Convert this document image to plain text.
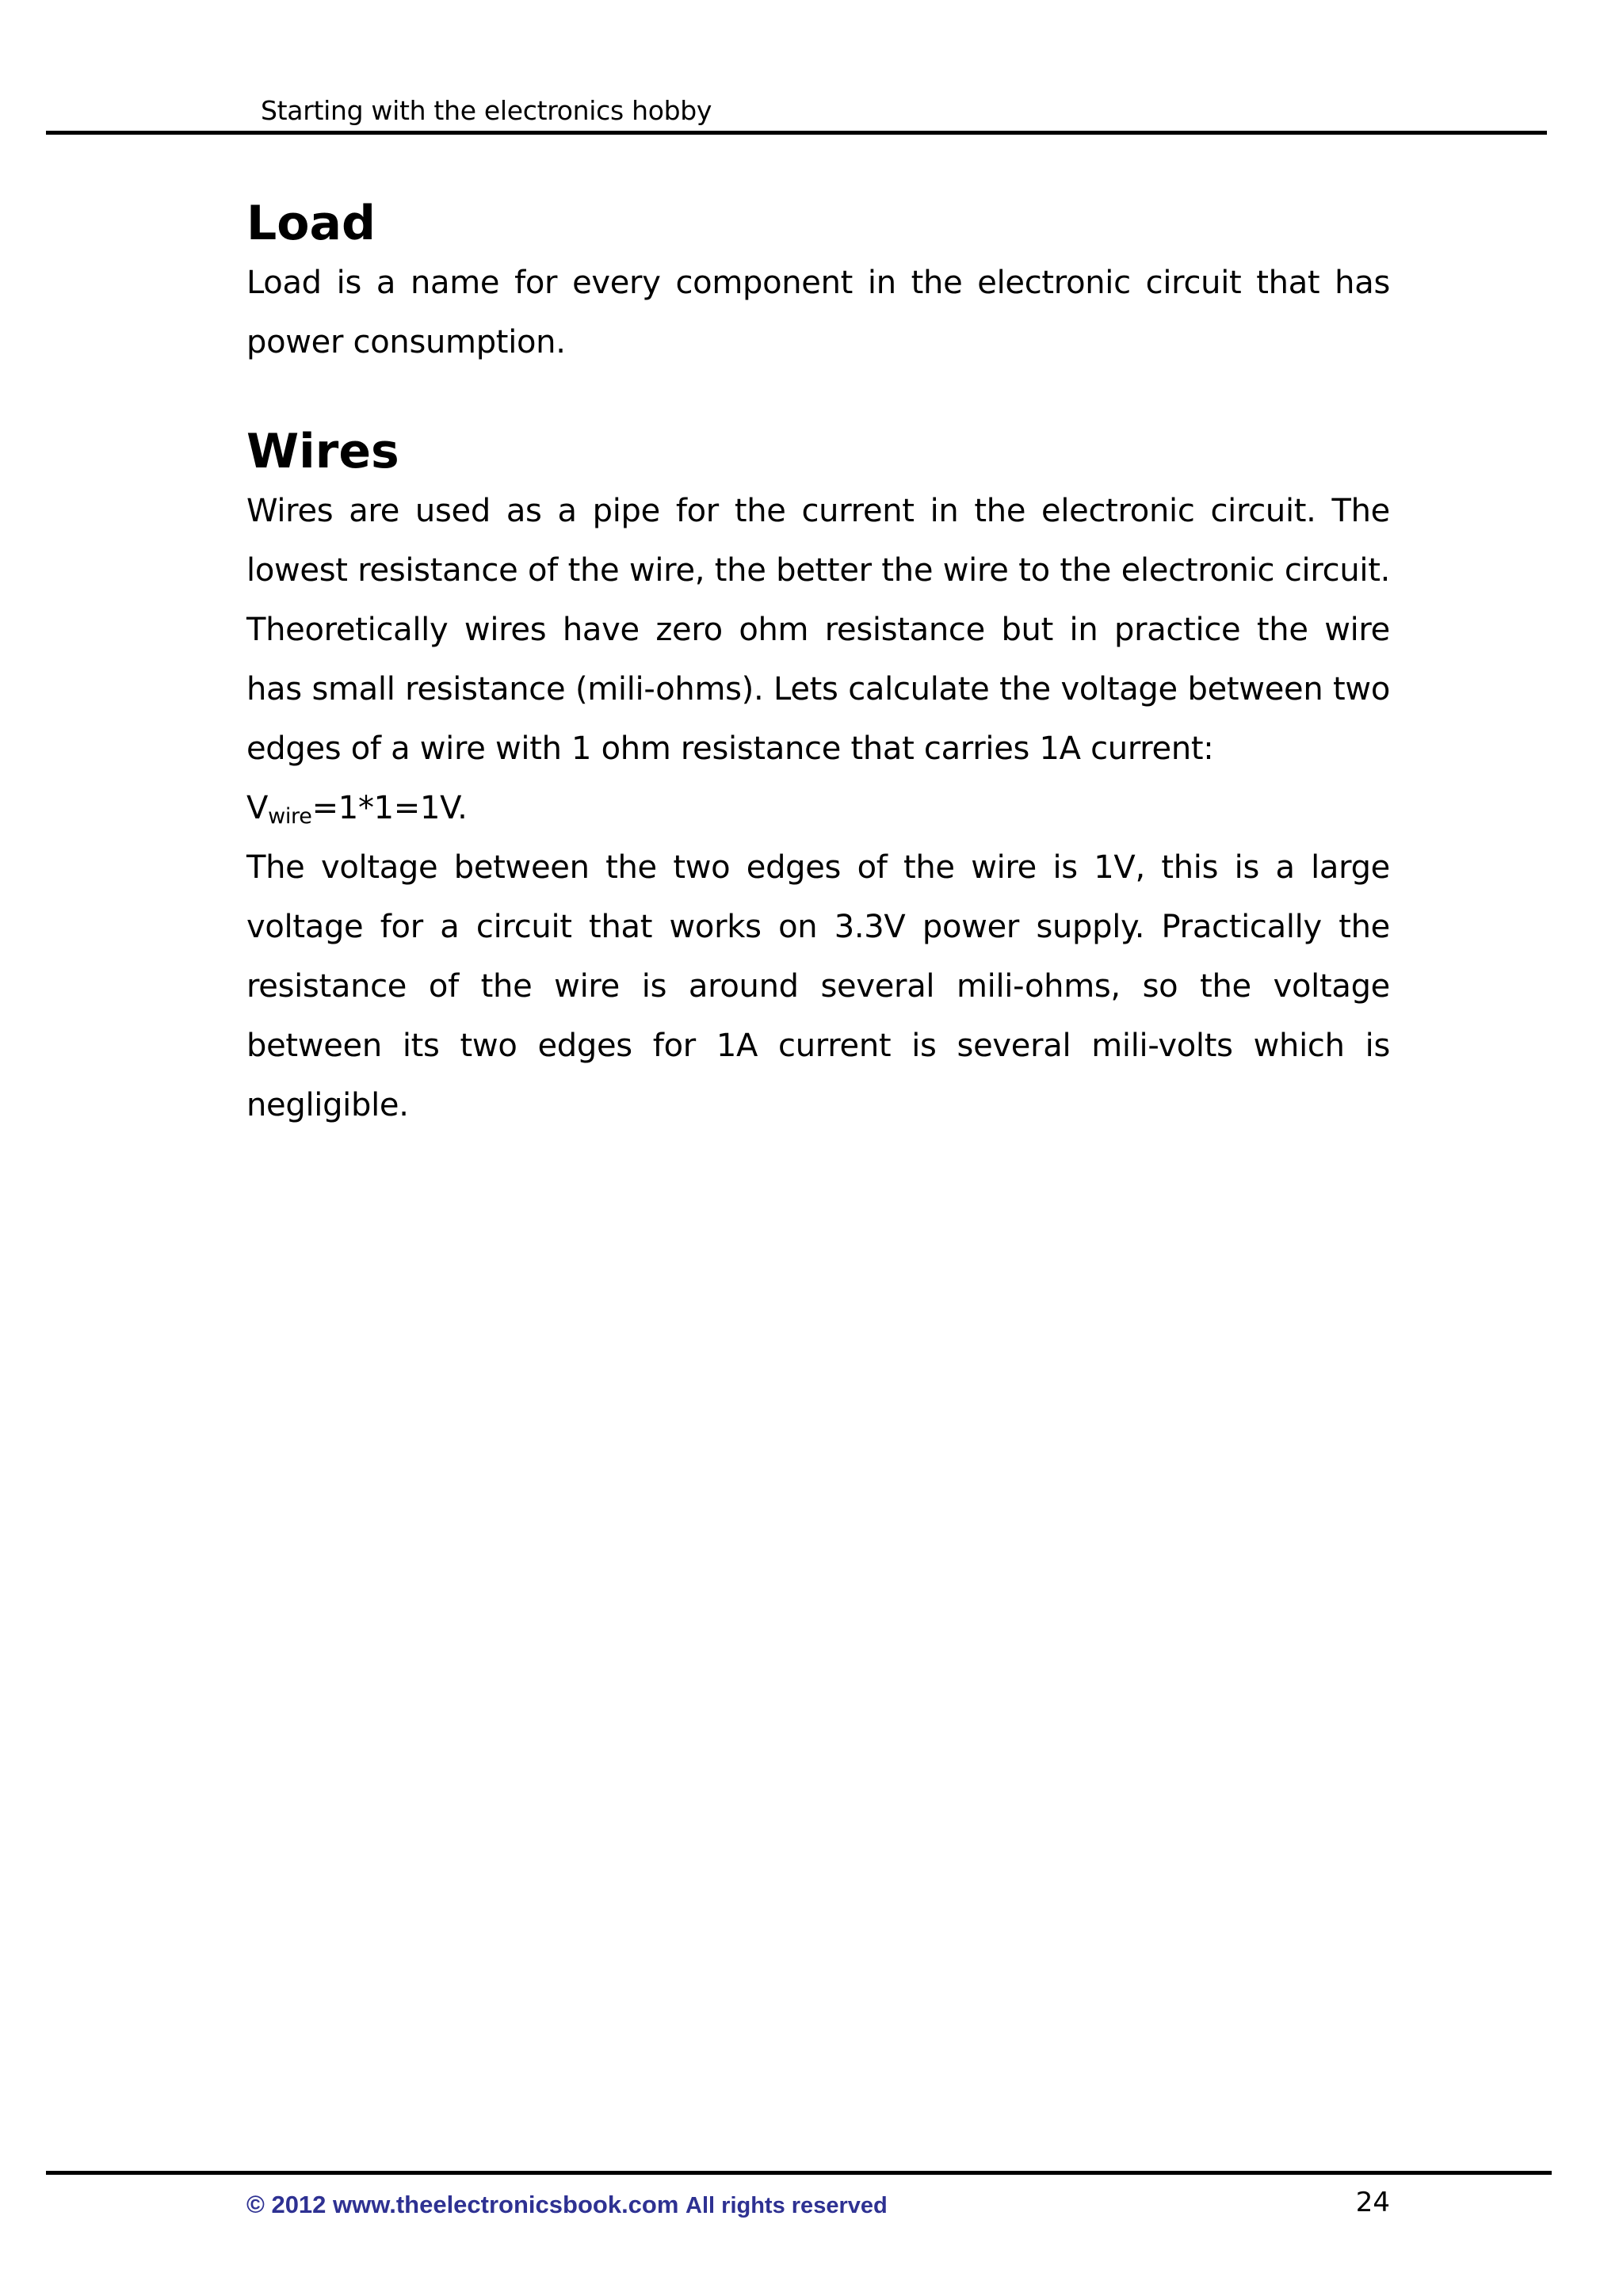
Starting with the electronics hobby
Load

Load is a name for every component in the electronic circuit that has power consumption.

Wires

Wires are used as a pipe for the current in the electronic circuit. The lowest resistance of the wire, the better the wire to the electronic circuit. Theoretically wires have zero ohm resistance but in practice the wire has small resistance (mili-ohms). Lets calculate the voltage between two edges of a wire with 1 ohm resistance that carries 1A current:

$V_{wire}=1*1=1V$.

The voltage between the two edges of the wire is 1V, this is a large voltage for a circuit that works on 3.3V power supply. Practically the resistance of the wire is around several mili-ohms, so the voltage between its two edges for 1A current is several mili-volts which is negligible.

© 2012 www.theelectronicsbook.com All rights reserved	24
